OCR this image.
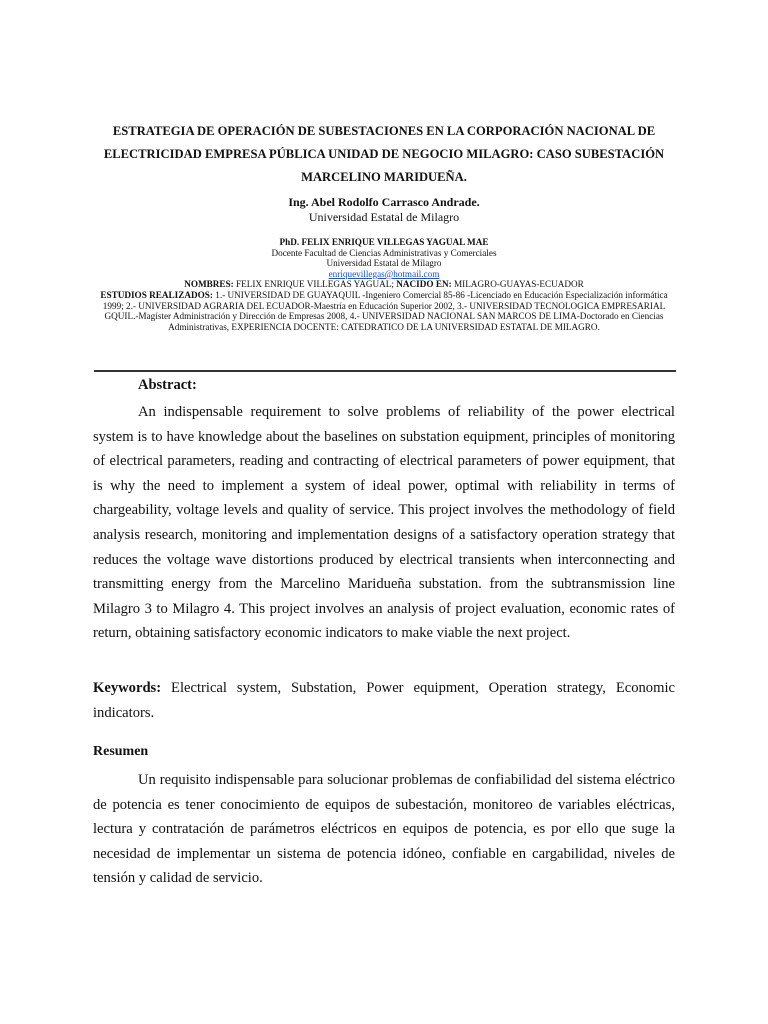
ESTRATEGIA DE OPERACIÓN DE SUBESTACIONES EN LA CORPORACIÓN NACIONAL DE ELECTRICIDAD EMPRESA PÚBLICA UNIDAD DE NEGOCIO MILAGRO: CASO SUBESTACIÓN MARCELINO MARIDUEÑA.
Ing. Abel Rodolfo Carrasco Andrade.
Universidad Estatal de Milagro
PhD. FELIX ENRIQUE VILLEGAS YAGUAL MAE
Docente Facultad de Ciencias Administrativas y Comerciales
Universidad Estatal de Milagro
enriquevillegas@hotmail.com
NOMBRES: FELIX ENRIQUE VILLEGAS YAGUAL; NACIDO EN: MILAGRO-GUAYAS-ECUADOR
ESTUDIOS REALIZADOS: 1.- UNIVERSIDAD DE GUAYAQUIL -Ingeniero Comercial 85-86 -Licenciado en Educación Especialización informática 1999; 2.- UNIVERSIDAD AGRARIA DEL ECUADOR-Maestría en Educación Superior 2002, 3.- UNIVERSIDAD TECNOLOGICA EMPRESARIAL GQUIL.-Magíster Administración y Dirección de Empresas 2008, 4.- UNIVERSIDAD NACIONAL SAN MARCOS DE LIMA-Doctorado en Ciencias Administrativas, EXPERIENCIA DOCENTE: CATEDRATICO DE LA UNIVERSIDAD ESTATAL DE MILAGRO.
Abstract:
An indispensable requirement to solve problems of reliability of the power electrical system is to have knowledge about the baselines on substation equipment, principles of monitoring of electrical parameters, reading and contracting of electrical parameters of power equipment, that is why the need to implement a system of ideal power, optimal with reliability in terms of chargeability, voltage levels and quality of service. This project involves the methodology of field analysis research, monitoring and implementation designs of a satisfactory operation strategy that reduces the voltage wave distortions produced by electrical transients when interconnecting and transmitting energy from the Marcelino Maridueña substation. from the subtransmission line Milagro 3 to Milagro 4. This project involves an analysis of project evaluation, economic rates of return, obtaining satisfactory economic indicators to make viable the next project.
Keywords: Electrical system, Substation, Power equipment, Operation strategy, Economic indicators.
Resumen
Un requisito indispensable para solucionar problemas de confiabilidad del sistema eléctrico de potencia es tener conocimiento de equipos de subestación, monitoreo de variables eléctricas, lectura y contratación de parámetros eléctricos en equipos de potencia, es por ello que suge la necesidad de implementar un sistema de potencia idóneo, confiable en cargabilidad, niveles de tensión y calidad de servicio.
